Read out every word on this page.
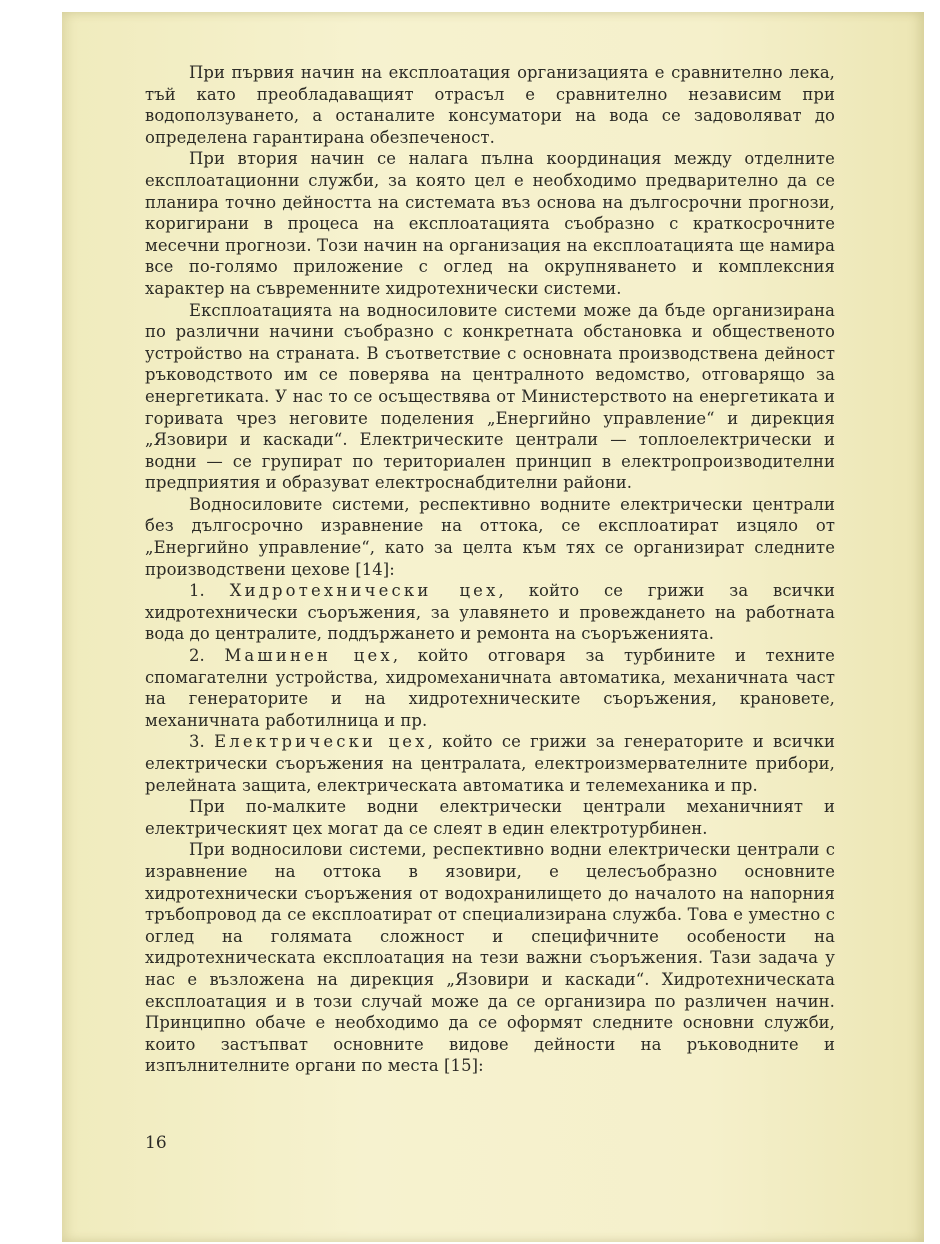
При първия начин на експлоатация организацията е сравнително лека, тъй като преобладаващият отрасъл е сравнително независим при водоползуването, а останалите консуматори на вода се задоволяват до определена гарантирана обезпеченост.

При втория начин се налага пълна координация между отделните експлоатационни служби, за която цел е необходимо предварително да се планира точно дейността на системата въз основа на дългосрочни прогнози, коригирани в процеса на експлоатацията съобразно с краткосрочните месечни прогнози. Този начин на организация на експлоатацията ще намира все по-голямо приложение с оглед на окрупняването и комплексния характер на съвременните хидротехнически системи.

Експлоатацията на водносиловите системи може да бъде организирана по различни начини съобразно с конкретната обстановка и общественото устройство на страната. В съответствие с основната производствена дейност ръководството им се поверява на централното ведомство, отговарящо за енергетиката. У нас то се осъществява от Министерството на енергетиката и горивата чрез неговите поделения „Енергийно управление“ и дирекция „Язовири и каскади“. Електрическите централи — топлоелектрически и водни — се групират по териториален принцип в електропроизводителни предприятия и образуват електроснабдителни райони.

Водносиловите системи, респективно водните електрически централи без дългосрочно изравнение на оттока, се експлоатират изцяло от „Енергийно управление“, като за целта към тях се организират следните производствени цехове [14]:

1. Хидротехнически цех, който се грижи за всички хидротехнически съоръжения, за улавянето и провеждането на работната вода до централите, поддържането и ремонта на съоръженията.

2. Машинен цех, който отговаря за турбините и техните спомагателни устройства, хидромеханичната автоматика, механичната част на генераторите и на хидротехническите съоръжения, крановете, механичната работилница и пр.

3. Електрически цех, който се грижи за генераторите и всички електрически съоръжения на централата, електроизмервателните прибори, релейната защита, електрическата автоматика и телемеханика и пр.

При по-малките водни електрически централи механичният и електрическият цех могат да се слеят в един електротурбинен.

При водносилови системи, респективно водни електрически централи с изравнение на оттока в язовири, е целесъобразно основните хидротехнически съоръжения от водохранилището до началото на напорния тръбопровод да се експлоатират от специализирана служба. Това е уместно с оглед на голямата сложност и специфичните особености на хидротехническата експлоатация на тези важни съоръжения. Тази задача у нас е възложена на дирекция „Язовири и каскади“. Хидротехническата експлоатация и в този случай може да се организира по различен начин. Принципно обаче е необходимо да се оформят следните основни служби, които застъпват основните видове дейности на ръководните и изпълнителните органи по места [15]:

16
